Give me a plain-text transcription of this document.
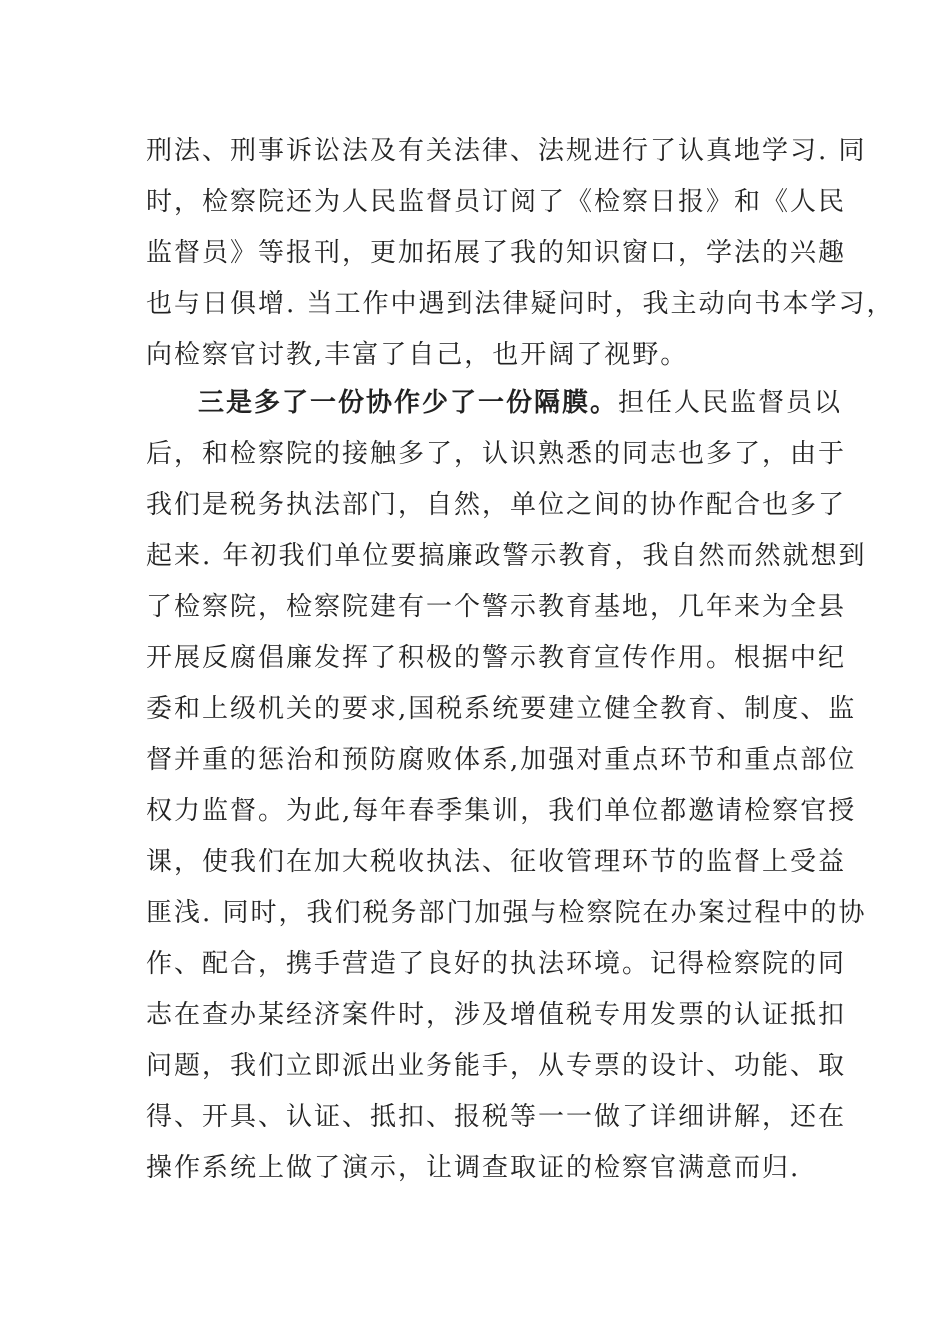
刑法、刑事诉讼法及有关法律、法规进行了认真地学习. 同
时，检察院还为人民监督员订阅了《检察日报》和《人民
监督员》等报刊，更加拓展了我的知识窗口，学法的兴趣
也与日俱增. 当工作中遇到法律疑问时，我主动向书本学习，
向检察官讨教,丰富了自己，也开阔了视野。
三是多了一份协作少了一份隔膜。担任人民监督员以
后，和检察院的接触多了，认识熟悉的同志也多了，由于
我们是税务执法部门，自然，单位之间的协作配合也多了
起来. 年初我们单位要搞廉政警示教育，我自然而然就想到
了检察院，检察院建有一个警示教育基地，几年来为全县
开展反腐倡廉发挥了积极的警示教育宣传作用。根据中纪
委和上级机关的要求,国税系统要建立健全教育、制度、监
督并重的惩治和预防腐败体系,加强对重点环节和重点部位
权力监督。为此,每年春季集训，我们单位都邀请检察官授
课，使我们在加大税收执法、征收管理环节的监督上受益
匪浅. 同时，我们税务部门加强与检察院在办案过程中的协
作、配合，携手营造了良好的执法环境。记得检察院的同
志在查办某经济案件时，涉及增值税专用发票的认证抵扣
问题，我们立即派出业务能手，从专票的设计、功能、取
得、开具、认证、抵扣、报税等一一做了详细讲解，还在
操作系统上做了演示，让调查取证的检察官满意而归.
